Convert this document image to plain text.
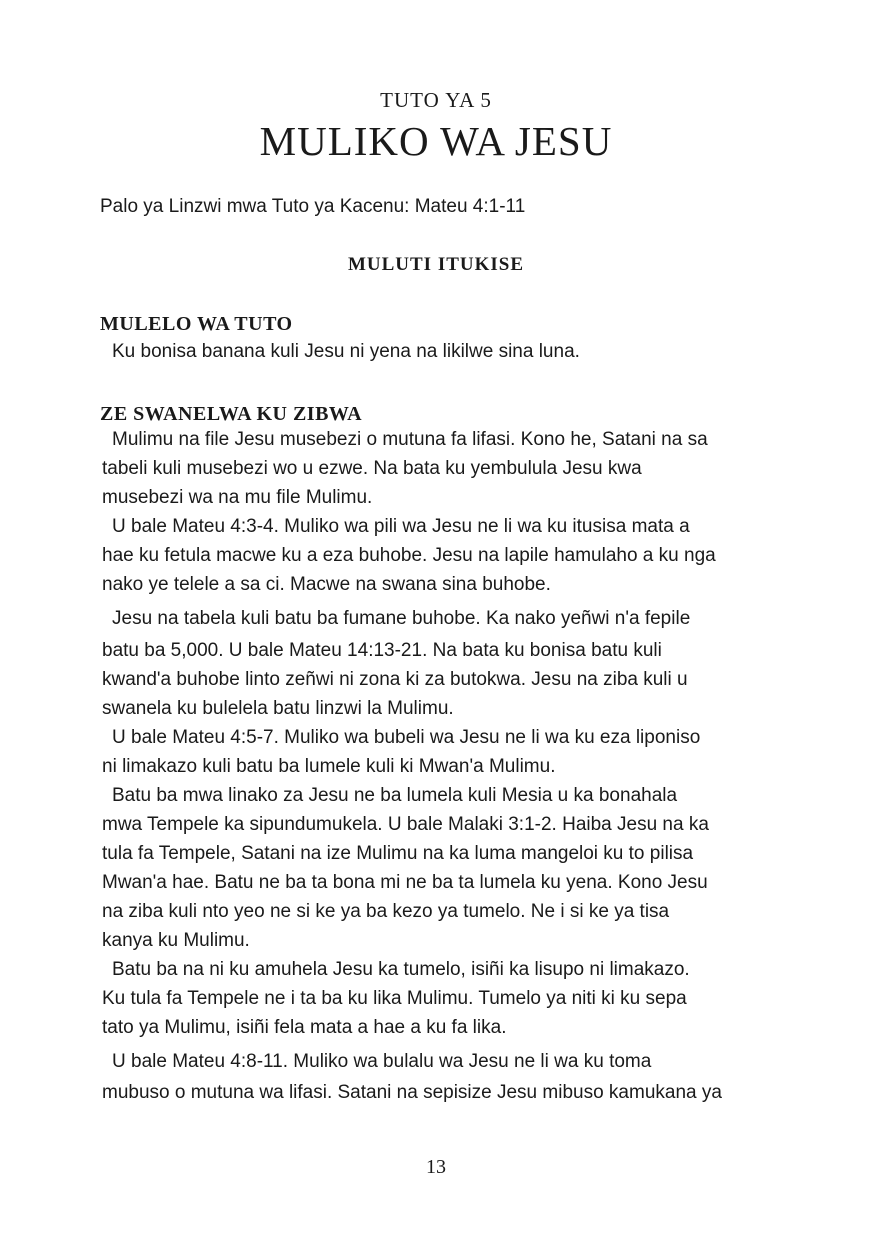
TUTO YA 5
MULIKO WA JESU
Palo ya Linzwi mwa Tuto ya Kacenu: Mateu 4:1-11
MULUTI ITUKISE
MULELO WA TUTO
Ku bonisa banana kuli Jesu ni yena na likilwe sina luna.
ZE SWANELWA KU ZIBWA
Mulimu na file Jesu musebezi o mutuna fa lifasi. Kono he, Satani na sa
tabeli kuli musebezi wo u ezwe. Na bata ku yembulula Jesu kwa
musebezi wa na mu file Mulimu.
U bale Mateu 4:3-4. Muliko wa pili wa Jesu ne li wa ku itusisa mata a
hae ku fetula macwe ku a eza buhobe. Jesu na lapile hamulaho a ku nga
nako ye telele a sa ci. Macwe na swana sina buhobe.
Jesu na tabela kuli batu ba fumane buhobe. Ka nako yeñwi n'a fepile
batu ba 5,000. U bale Mateu 14:13-21. Na bata ku bonisa batu kuli
kwand'a buhobe linto zeñwi ni zona ki za butokwa. Jesu na ziba kuli u
swanela ku bulelela batu linzwi la Mulimu.
U bale Mateu 4:5-7. Muliko wa bubeli wa Jesu ne li wa ku eza liponiso
ni limakazo kuli batu ba lumele kuli ki Mwan'a Mulimu.
Batu ba mwa linako za Jesu ne ba lumela kuli Mesia u ka bonahala
mwa Tempele ka sipundumukela. U bale Malaki 3:1-2. Haiba Jesu na ka
tula fa Tempele, Satani na ize Mulimu na ka luma mangeloi ku to pilisa
Mwan'a hae. Batu ne ba ta bona mi ne ba ta lumela ku yena. Kono Jesu
na ziba kuli nto yeo ne si ke ya ba kezo ya tumelo. Ne i si ke ya tisa
kanya ku Mulimu.
Batu ba na ni ku amuhela Jesu ka tumelo, isiñi ka lisupo ni limakazo.
Ku tula fa Tempele ne i ta ba ku lika Mulimu. Tumelo ya niti ki ku sepa
tato ya Mulimu, isiñi fela mata a hae a ku fa lika.
U bale Mateu 4:8-11. Muliko wa bulalu wa Jesu ne li wa ku toma
mubuso o mutuna wa lifasi. Satani na sepisize Jesu mibuso kamukana ya
13
